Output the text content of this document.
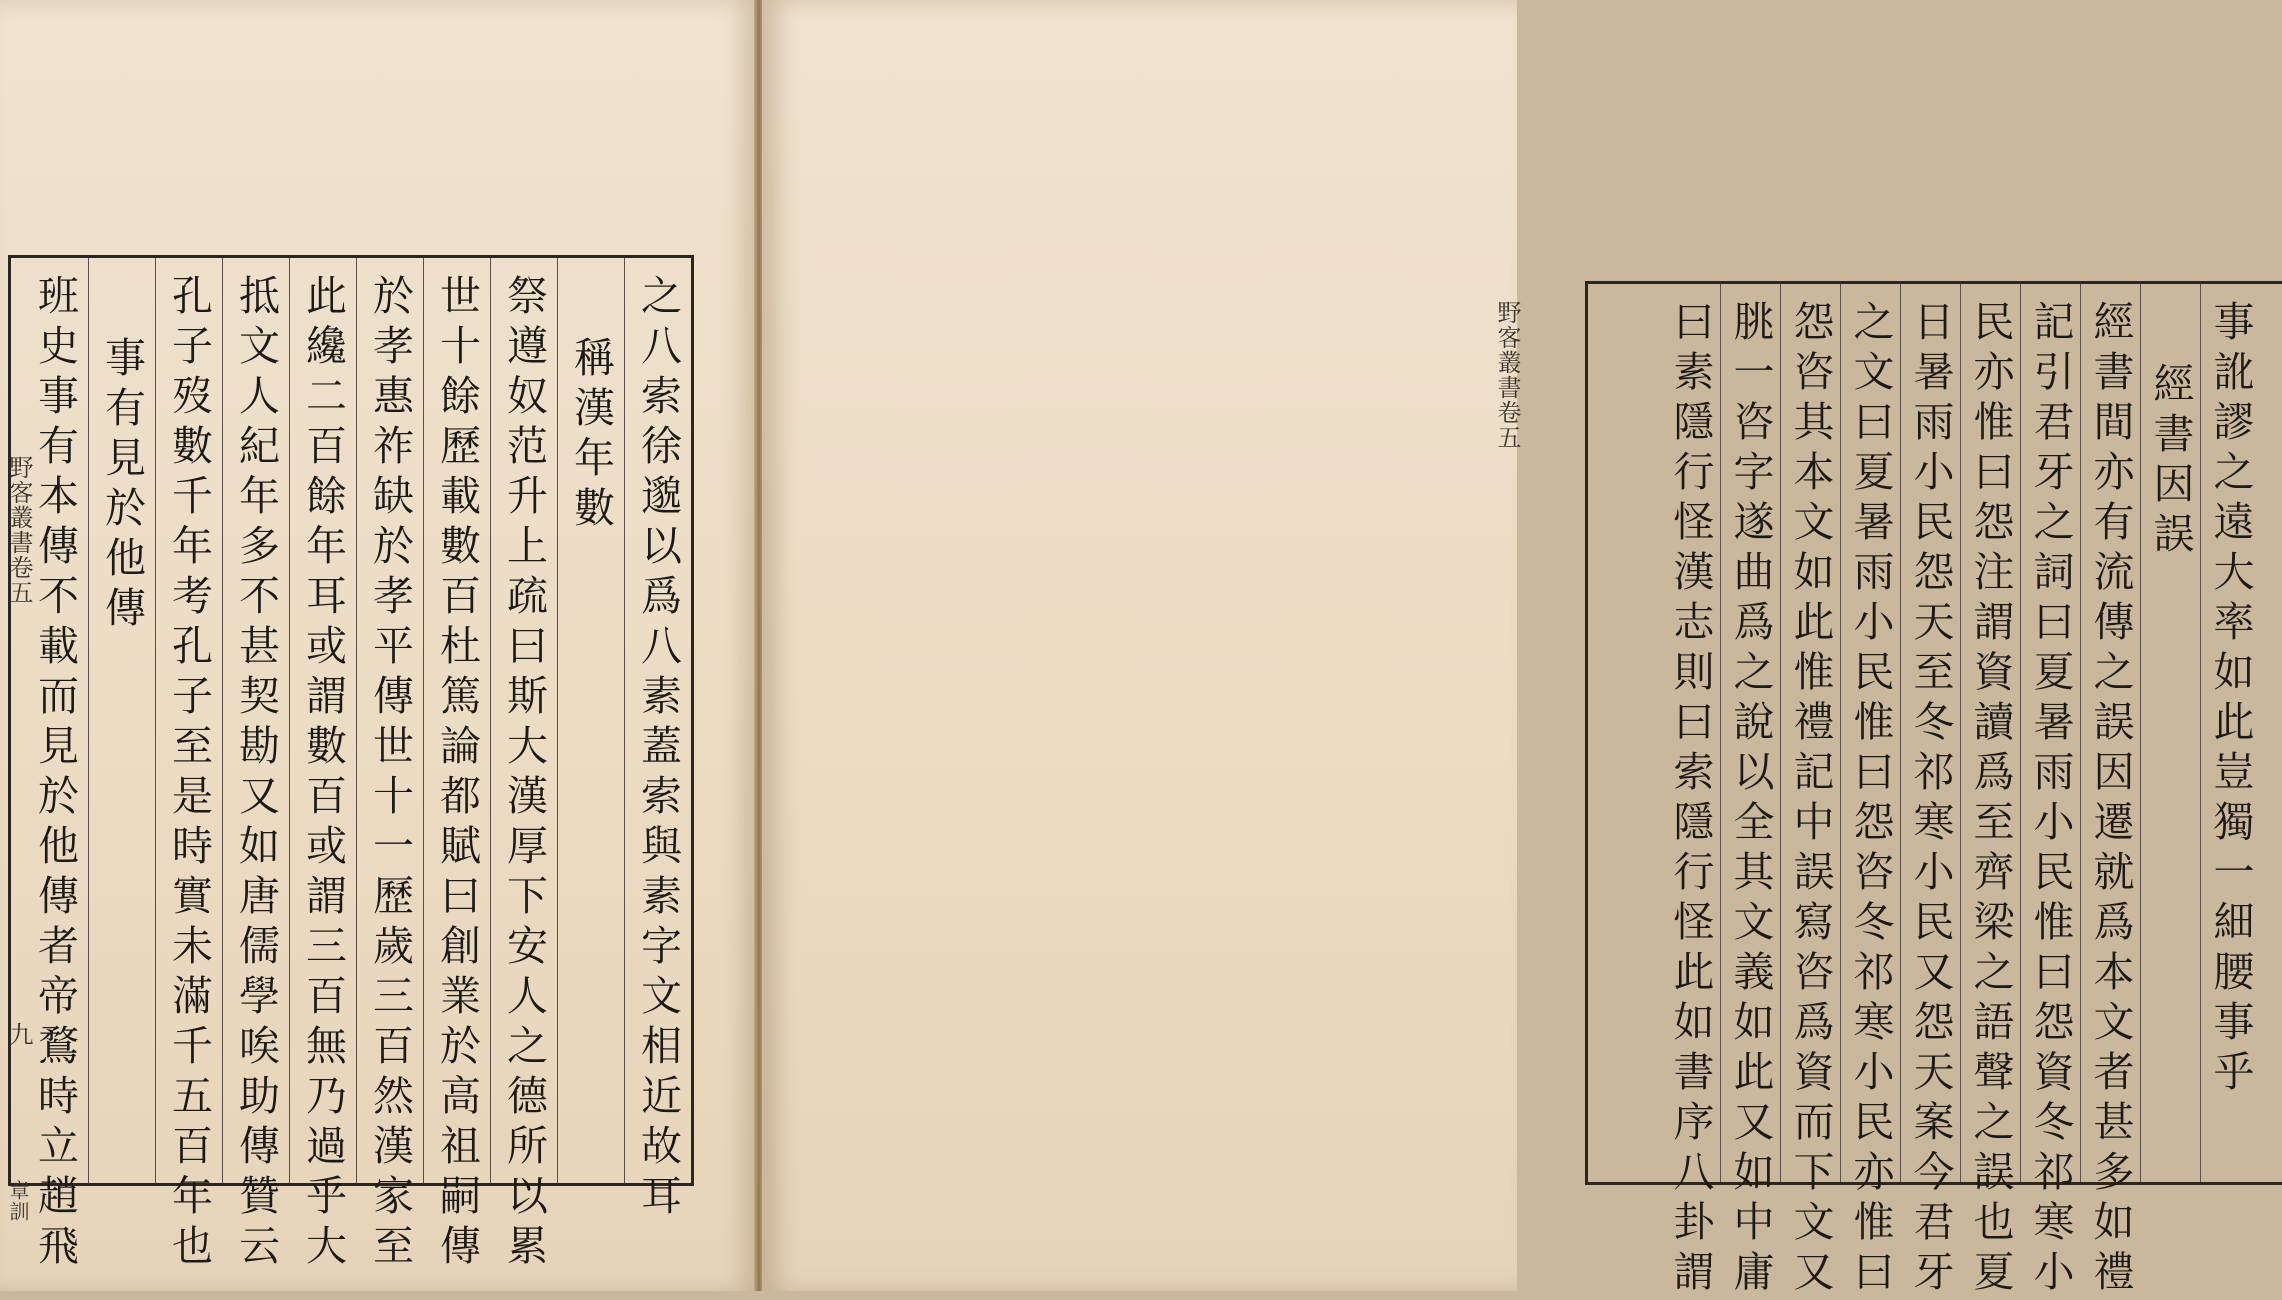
之八索徐邈以爲八素蓋索與素字文相近故耳
稱漢年數
祭遵奴范升上疏曰斯大漢厚下安人之德所以累
世十餘歷載數百杜篤論都賦曰創業於高祖嗣傳
於孝惠祚缺於孝平傳世十一歷歲三百然漢家至
此纔二百餘年耳或謂數百或謂三百無乃過乎大
抵文人紀年多不甚契勘又如唐儒學唉助傳贊云
孔子歿數千年考孔子至是時實未滿千五百年也
事有見於他傳
班史事有本傳不載而見於他傳者帝鶩時立趙飛
野客叢書卷五
九
章訓
事訛謬之遠大率如此豈獨一細腰事乎
經書因誤
經書間亦有流傳之誤因遷就爲本文者甚多如禮
記引君牙之詞曰夏暑雨小民惟曰怨資冬祁寒小
民亦惟曰怨注謂資讀爲至齊梁之語聲之誤也夏
日暑雨小民怨天至冬祁寒小民又怨天案今君牙
之文曰夏暑雨小民惟曰怨咨冬祁寒小民亦惟曰
怨咨其本文如此惟禮記中誤寫咨爲資而下文又
朓一咨字遂曲爲之說以全其文義如此又如中庸
曰素隱行怪漢志則曰索隱行怪此如書序八卦謂
野客叢書卷五
